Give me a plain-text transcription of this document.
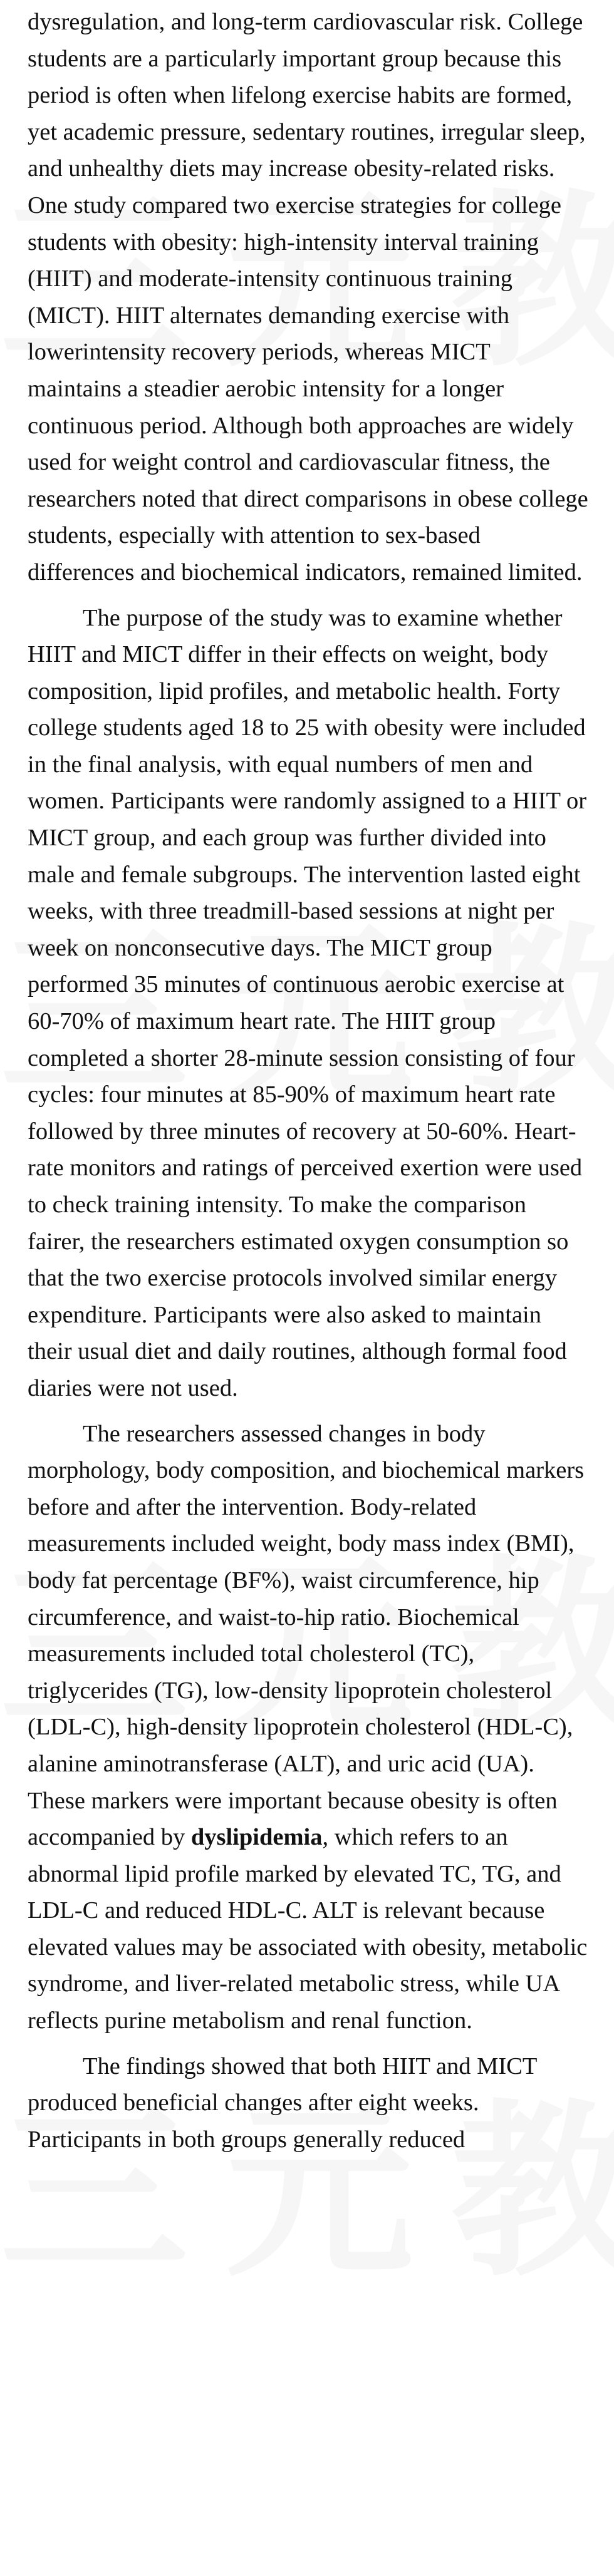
dysregulation, and long-term cardiovascular risk. College students are a particularly important group because this period is often when lifelong exercise habits are formed, yet academic pressure, sedentary routines, irregular sleep, and unhealthy diets may increase obesity-related risks. One study compared two exercise strategies for college students with obesity: high-intensity interval training (HIIT) and moderate-intensity continuous training (MICT). HIIT alternates demanding exercise with lowerintensity recovery periods, whereas MICT maintains a steadier aerobic intensity for a longer continuous period. Although both approaches are widely used for weight control and cardiovascular fitness, the researchers noted that direct comparisons in obese college students, especially with attention to sex-based differences and biochemical indicators, remained limited.

The purpose of the study was to examine whether HIIT and MICT differ in their effects on weight, body composition, lipid profiles, and metabolic health. Forty college students aged 18 to 25 with obesity were included in the final analysis, with equal numbers of men and women. Participants were randomly assigned to a HIIT or MICT group, and each group was further divided into male and female subgroups. The intervention lasted eight weeks, with three treadmill-based sessions at night per week on nonconsecutive days. The MICT group performed 35 minutes of continuous aerobic exercise at 60-70% of maximum heart rate. The HIIT group completed a shorter 28-minute session consisting of four cycles: four minutes at 85-90% of maximum heart rate followed by three minutes of recovery at 50-60%. Heart-rate monitors and ratings of perceived exertion were used to check training intensity. To make the comparison fairer, the researchers estimated oxygen consumption so that the two exercise protocols involved similar energy expenditure. Participants were also asked to maintain their usual diet and daily routines, although formal food diaries were not used.

The researchers assessed changes in body morphology, body composition, and biochemical markers before and after the intervention. Body-related measurements included weight, body mass index (BMI), body fat percentage (BF%), waist circumference, hip circumference, and waist-to-hip ratio. Biochemical measurements included total cholesterol (TC), triglycerides (TG), low-density lipoprotein cholesterol (LDL-C), high-density lipoprotein cholesterol (HDL-C), alanine aminotransferase (ALT), and uric acid (UA). These markers were important because obesity is often accompanied by dyslipidemia, which refers to an abnormal lipid profile marked by elevated TC, TG, and LDL-C and reduced HDL-C. ALT is relevant because elevated values may be associated with obesity, metabolic syndrome, and liver-related metabolic stress, while UA reflects purine metabolism and renal function.

The findings showed that both HIIT and MICT produced beneficial changes after eight weeks. Participants in both groups generally reduced
